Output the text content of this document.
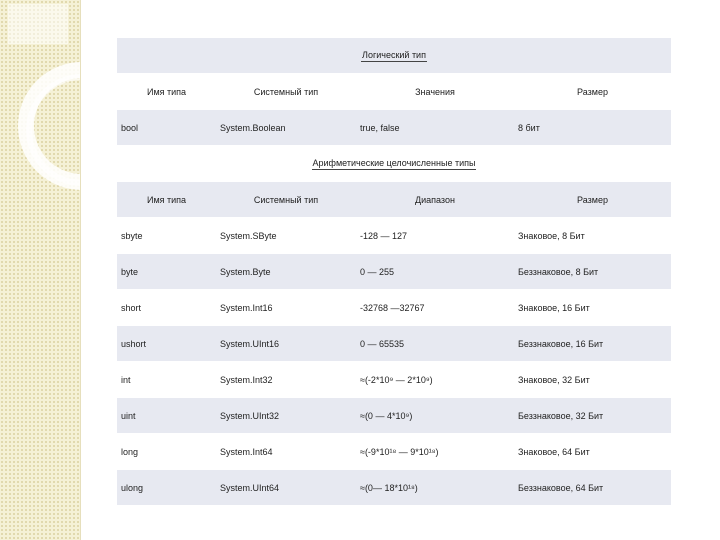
Логический тип			
Имя типа	Системный тип	Значения	Размер
bool	System.Boolean	true, false	8 бит
Арифметические целочисленные типы			
Имя типа	Системный тип	Диапазон	Размер
sbyte	System.SByte	-128 — 127	Знаковое, 8 Бит
byte	System.Byte	0 — 255	Беззнаковое, 8 Бит
short	System.Int16	-32768 —32767	Знаковое, 16 Бит
ushort	System.UInt16	0 — 65535	Беззнаковое, 16 Бит
int	System.Int32	≈(-2*10⁹ — 2*10⁹)	Знаковое, 32 Бит
uint	System.UInt32	≈(0 — 4*10⁹)	Беззнаковое, 32 Бит
long	System.Int64	≈(-9*10¹⁸ — 9*10¹⁸)	Знаковое, 64 Бит
ulong	System.UInt64	≈(0— 18*10¹⁸)	Беззнаковое, 64 Бит
